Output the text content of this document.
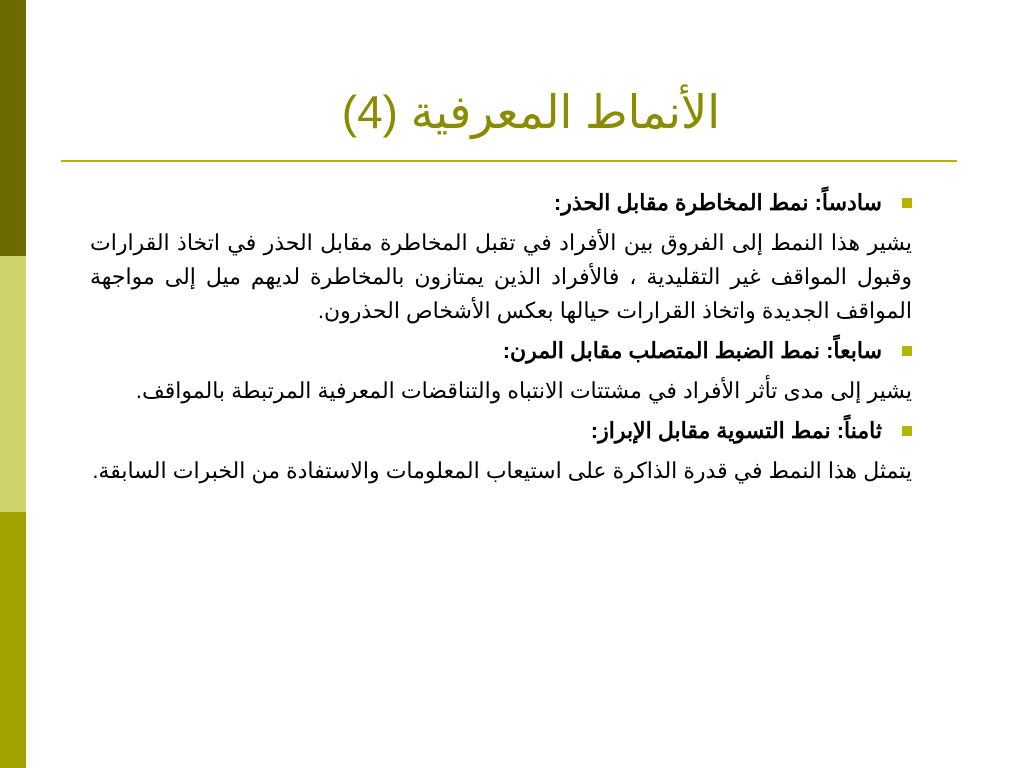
الأنماط المعرفية (4)
سادساً: نمط المخاطرة مقابل الحذر:
يشير هذا النمط إلى الفروق بين الأفراد في تقبل المخاطرة مقابل الحذر في اتخاذ القرارات وقبول المواقف غير التقليدية ، فالأفراد الذين يمتازون بالمخاطرة لديهم ميل إلى مواجهة المواقف الجديدة واتخاذ القرارات حيالها بعكس الأشخاص الحذرون.
سابعاً: نمط الضبط المتصلب مقابل المرن:
يشير إلى مدى تأثر الأفراد في مشتتات الانتباه والتناقضات المعرفية المرتبطة بالمواقف.
ثامناً: نمط التسوية مقابل الإبراز:
يتمثل هذا النمط في قدرة الذاكرة على استيعاب المعلومات والاستفادة من الخبرات السابقة.
